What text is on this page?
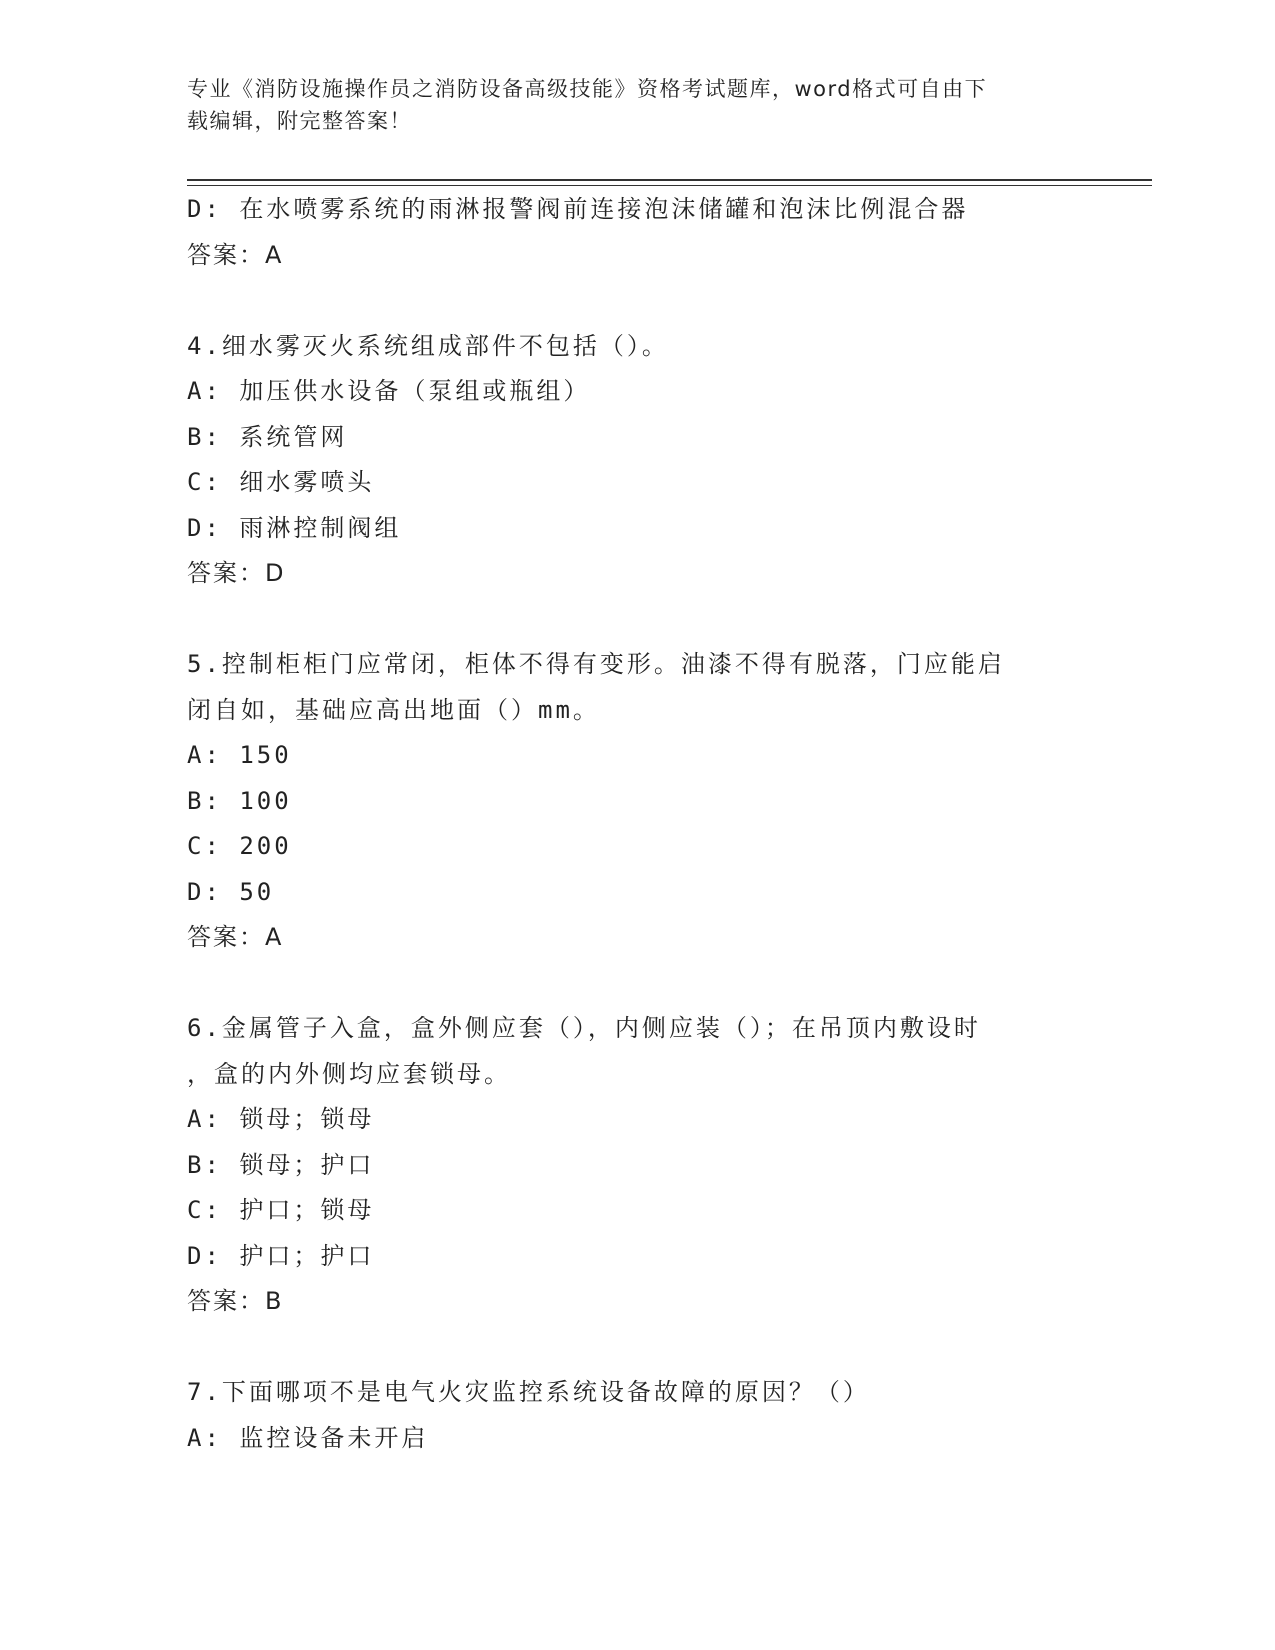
专业《消防设施操作员之消防设备高级技能》资格考试题库，word格式可自由下
载编辑，附完整答案！
D: 在水喷雾系统的雨淋报警阀前连接泡沫储罐和泡沫比例混合器
答案：A
4.细水雾灭火系统组成部件不包括（）。
A: 加压供水设备（泵组或瓶组）
B: 系统管网
C: 细水雾喷头
D: 雨淋控制阀组
答案：D
5.控制柜柜门应常闭，柜体不得有变形。油漆不得有脱落，门应能启
闭自如，基础应高出地面（）mm。
A: 150
B: 100
C: 200
D: 50
答案：A
6.金属管子入盒，盒外侧应套（），内侧应装（）；在吊顶内敷设时
，盒的内外侧均应套锁母。
A: 锁母；锁母
B: 锁母；护口
C: 护口；锁母
D: 护口；护口
答案：B
7.下面哪项不是电气火灾监控系统设备故障的原因？（）
A: 监控设备未开启
